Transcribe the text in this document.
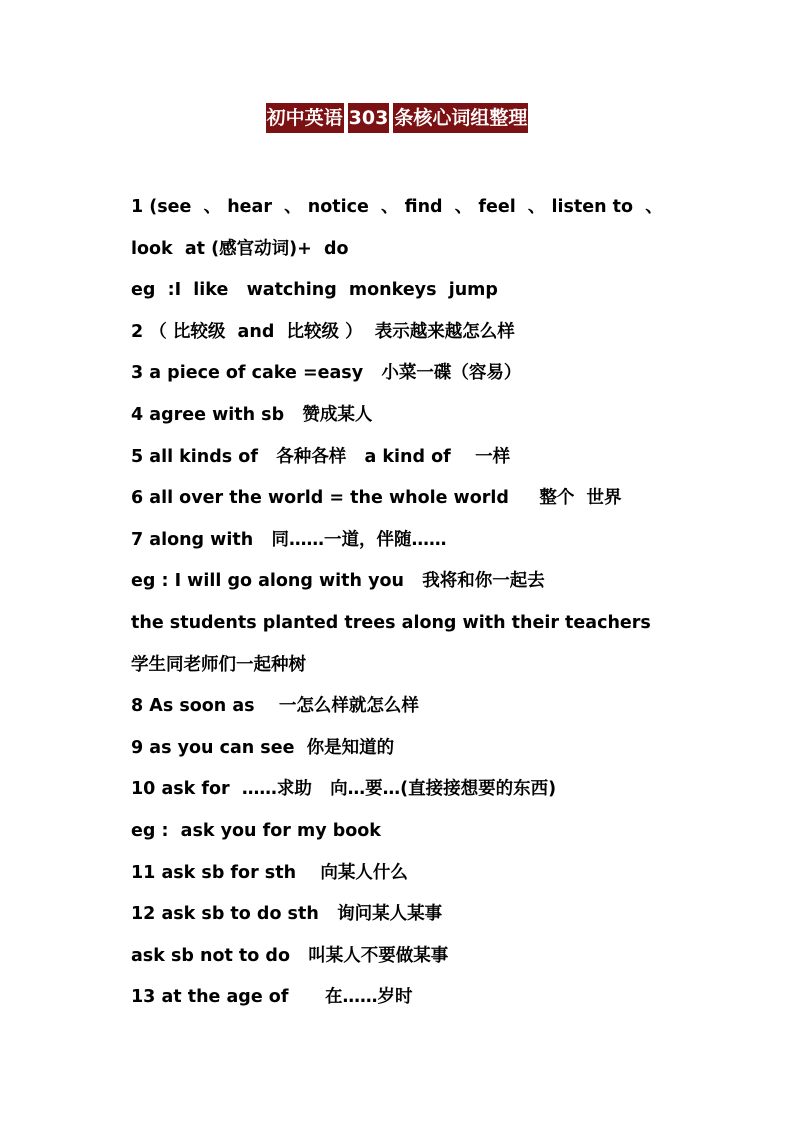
初中英语 303 条核心词组整理
1 (see  、 hear  、 notice  、 find  、 feel  、 listen to  、
look  at (感官动词)+  do
eg  :I  like   watching  monkeys  jump
2 （ 比较级  and  比较级 ）  表示越来越怎么样
3 a piece of cake =easy   小菜一碟（容易）
4 agree with sb   赞成某人
5 all kinds of   各种各样   a kind of    一样
6 all over the world = the whole world     整个  世界
7 along with   同……一道，伴随……
eg : I will go along with you   我将和你一起去
the students planted trees along with their teachers
学生同老师们一起种树
8 As soon as    一怎么样就怎么样
9 as you can see  你是知道的
10 ask for  ……求助   向…要…(直接接想要的东西)
eg :  ask you for my book
11 ask sb for sth    向某人什么
12 ask sb to do sth   询问某人某事
ask sb not to do   叫某人不要做某事
13 at the age of      在……岁时
